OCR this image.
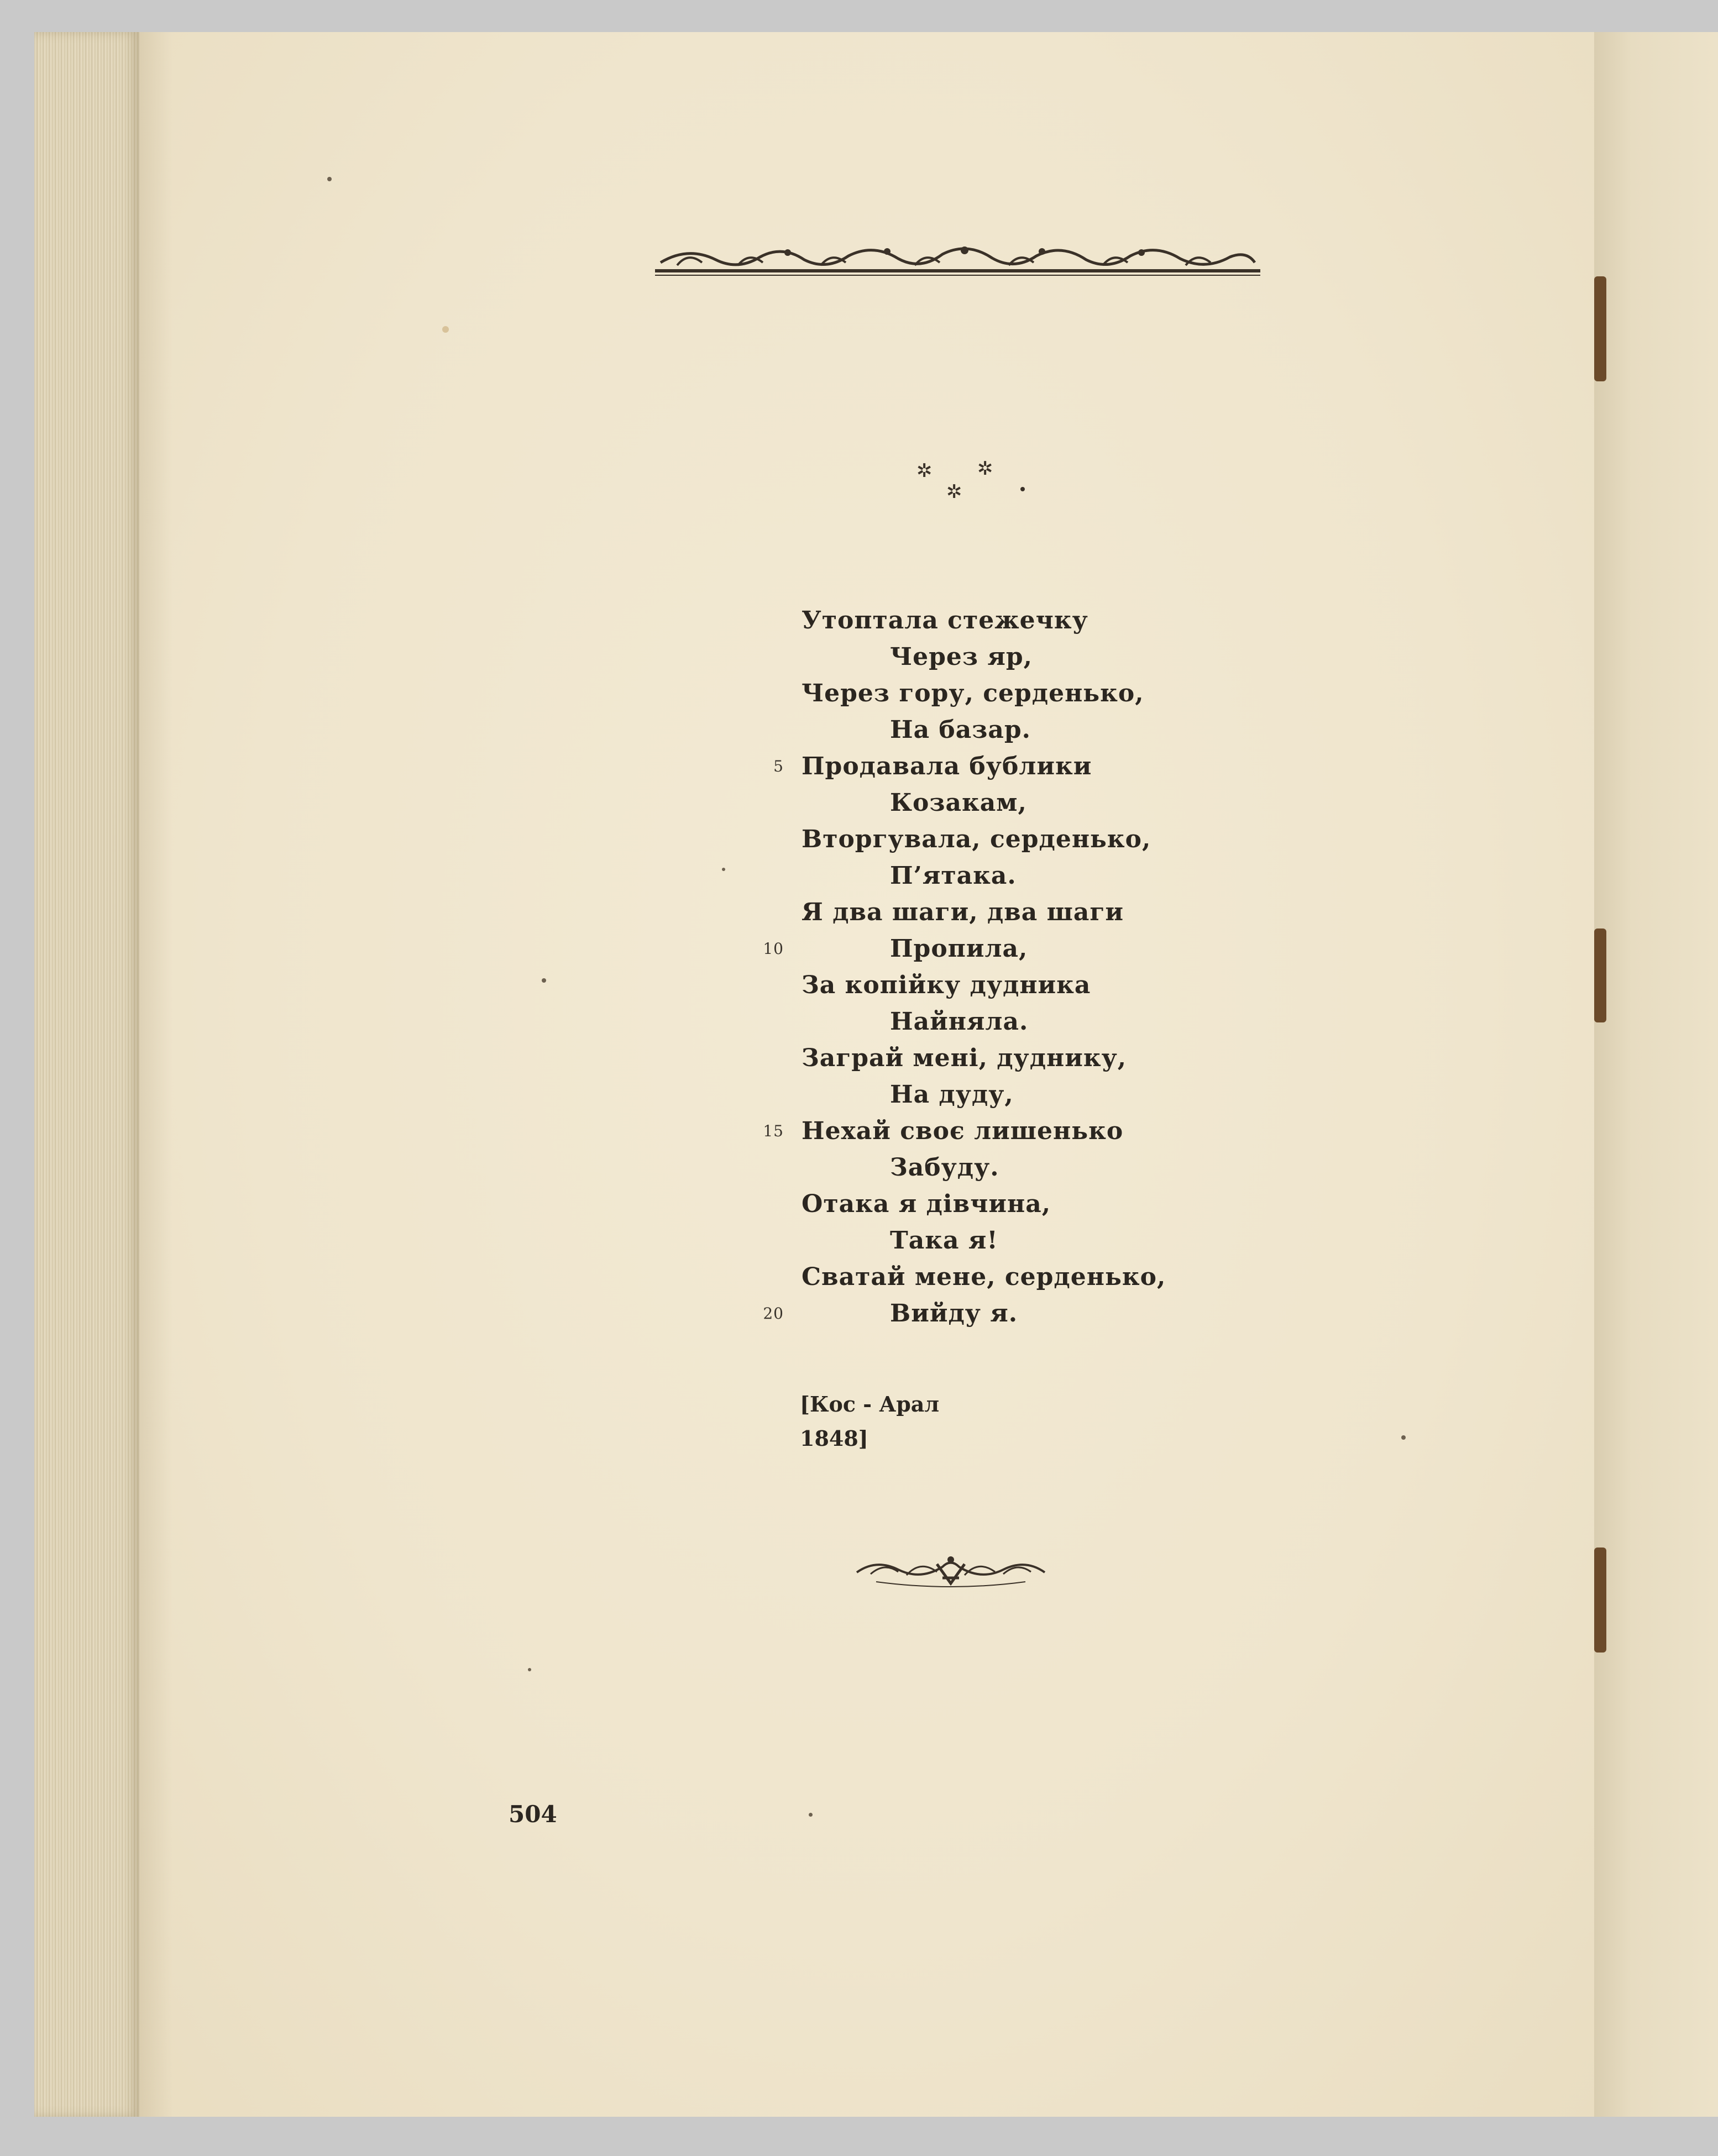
✲ ✲
✲
Утоптала стежечку
Через яр,
Через гору, серденько,
На базар.
5 Продавала бублики
Козакам,
Вторгувала, серденько,
П’ятака.
Я два шаги, два шаги
10	Пропила,
За копійку дудника
Найняла.
Заграй мені, дуднику,
На дуду,
15 Нехай своє лишенько
Забуду.
Отака я дівчина,
Така я!
Сватай мене, серденько,
20	Вийду я.
[Кос - Арал
1848]
504
